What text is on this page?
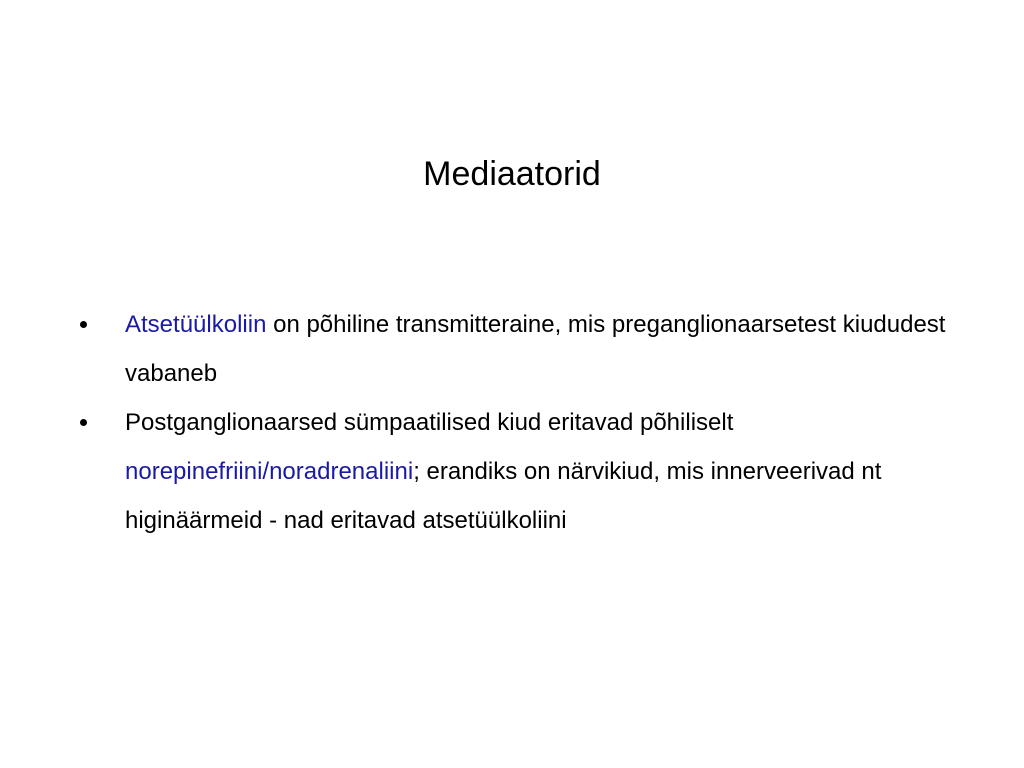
Mediaatorid
Atsetüülkoliin on põhiline transmitteraine, mis preganglionaarsetest kiududest vabaneb
Postganglionaarsed sümpaatilised kiud eritavad põhiliselt norepinefriini/noradrenaliini; erandiks on närvikiud, mis innerveerivad nt higinäärmeid - nad eritavad atsetüülkoliini
